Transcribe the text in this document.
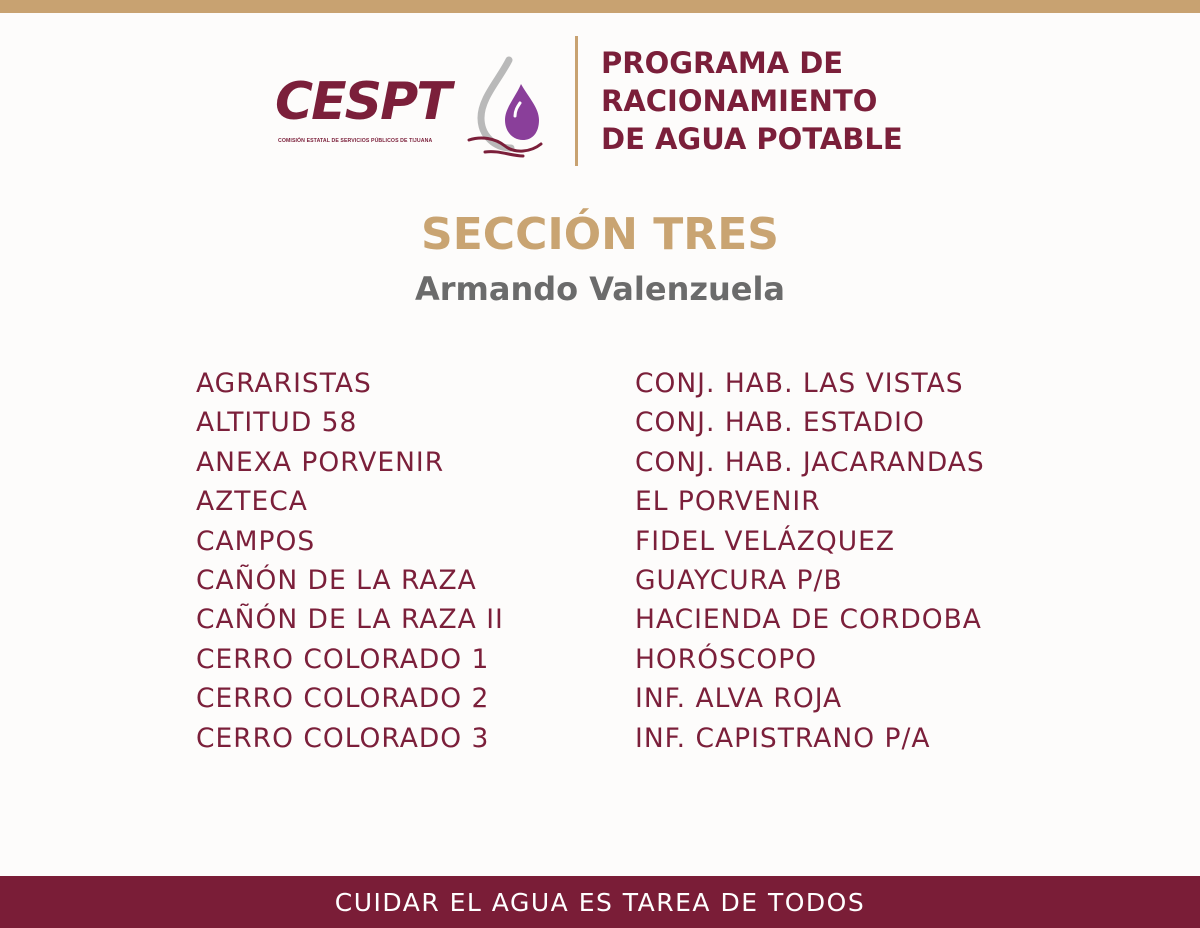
CESPT
COMISIÓN ESTATAL DE SERVICIOS PÚBLICOS DE TIJUANA
PROGRAMA DE
RACIONAMIENTO
DE AGUA POTABLE
SECCIÓN TRES
Armando Valenzuela
AGRARISTAS
ALTITUD 58
ANEXA PORVENIR
AZTECA
CAMPOS
CAÑÓN DE LA RAZA
CAÑÓN DE LA RAZA II
CERRO COLORADO 1
CERRO COLORADO 2
CERRO COLORADO 3
CONJ. HAB. LAS VISTAS
CONJ. HAB. ESTADIO
CONJ. HAB. JACARANDAS
EL PORVENIR
FIDEL VELÁZQUEZ
GUAYCURA P/B
HACIENDA DE CORDOBA
HORÓSCOPO
INF. ALVA ROJA
INF. CAPISTRANO P/A
CUIDAR EL AGUA ES TAREA DE TODOS
